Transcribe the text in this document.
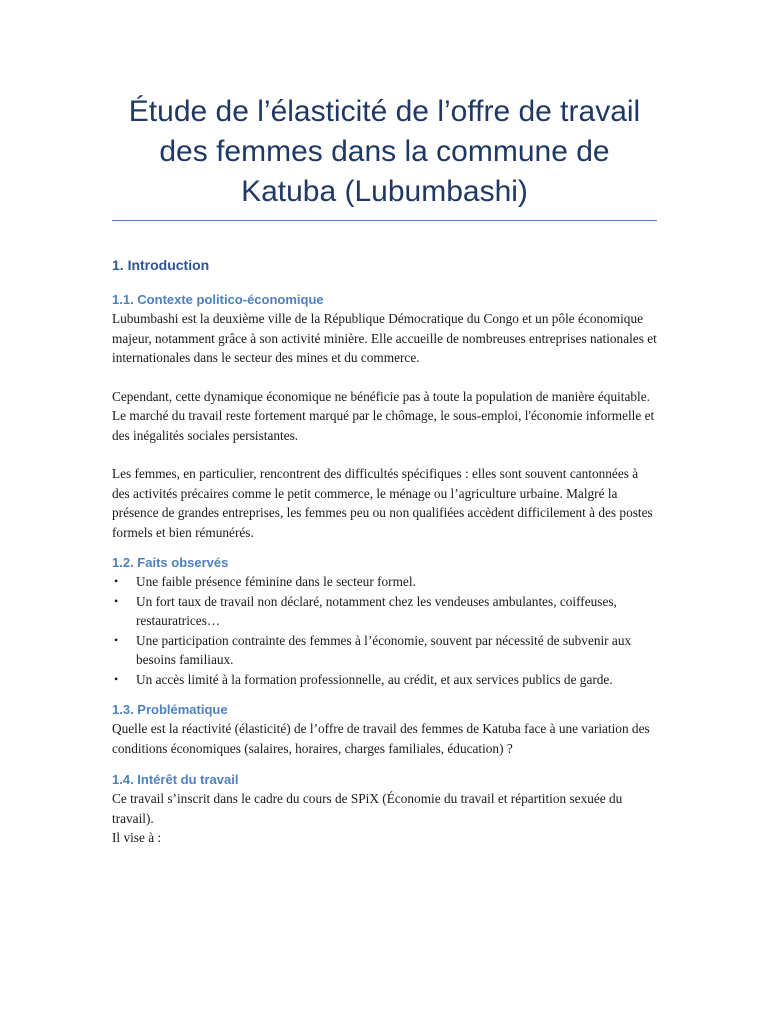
Étude de l’élasticité de l’offre de travail des femmes dans la commune de Katuba (Lubumbashi)
1. Introduction
1.1. Contexte politico-économique

Lubumbashi est la deuxième ville de la République Démocratique du Congo et un pôle économique majeur, notamment grâce à son activité minière. Elle accueille de nombreuses entreprises nationales et internationales dans le secteur des mines et du commerce.

Cependant, cette dynamique économique ne bénéficie pas à toute la population de manière équitable. Le marché du travail reste fortement marqué par le chômage, le sous-emploi, l'économie informelle et des inégalités sociales persistantes.

Les femmes, en particulier, rencontrent des difficultés spécifiques : elles sont souvent cantonnées à des activités précaires comme le petit commerce, le ménage ou l’agriculture urbaine. Malgré la présence de grandes entreprises, les femmes peu ou non qualifiées accèdent difficilement à des postes formels et bien rémunérés.

1.2. Faits observés
• Une faible présence féminine dans le secteur formel.
• Un fort taux de travail non déclaré, notamment chez les vendeuses ambulantes, coiffeuses, restauratrices…
• Une participation contrainte des femmes à l’économie, souvent par nécessité de subvenir aux besoins familiaux.
• Un accès limité à la formation professionnelle, au crédit, et aux services publics de garde.
1.3. Problématique

Quelle est la réactivité (élasticité) de l’offre de travail des femmes de Katuba face à une variation des conditions économiques (salaires, horaires, charges familiales, éducation) ?

1.4. Intérêt du travail

Ce travail s’inscrit dans le cadre du cours de SPiX (Économie du travail et répartition sexuée du travail).

Il vise à :
